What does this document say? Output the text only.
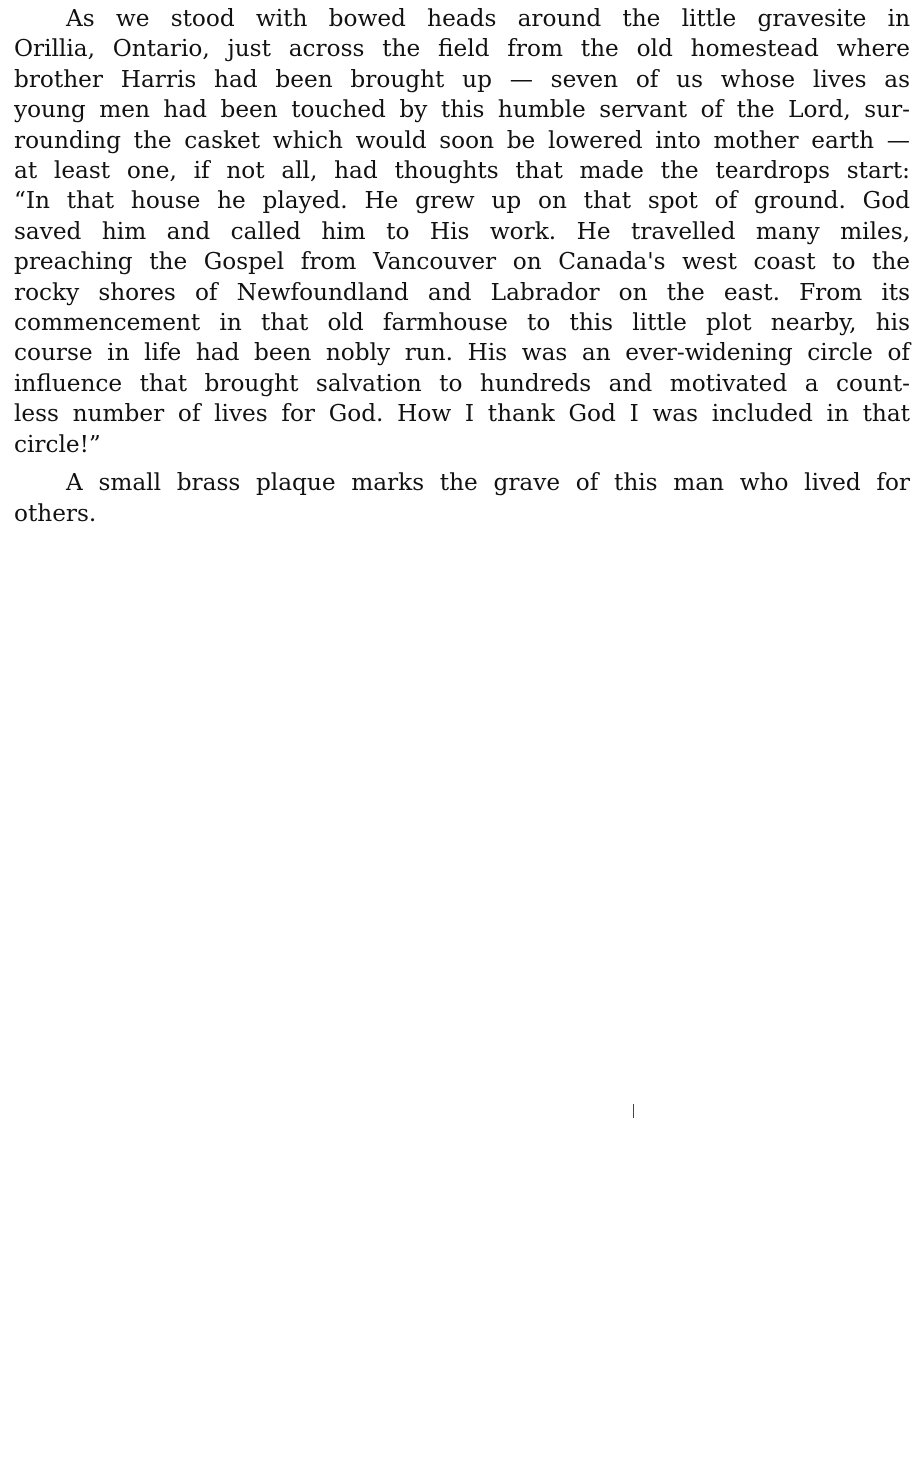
As we stood with bowed heads around the little gravesite in
Orillia, Ontario, just across the field from the old homestead where
brother Harris had been brought up — seven of us whose lives as
young men had been touched by this humble servant of the Lord, sur-
rounding the casket which would soon be lowered into mother earth —
at least one, if not all, had thoughts that made the teardrops start:
“In that house he played. He grew up on that spot of ground. God
saved him and called him to His work. He travelled many miles,
preaching the Gospel from Vancouver on Canada's west coast to the
rocky shores of Newfoundland and Labrador on the east. From its
commencement in that old farmhouse to this little plot nearby, his
course in life had been nobly run. His was an ever-widening circle of
influence that brought salvation to hundreds and motivated a count-
less number of lives for God. How I thank God I was included in that
circle!”

A small brass plaque marks the grave of this man who lived for
others.
